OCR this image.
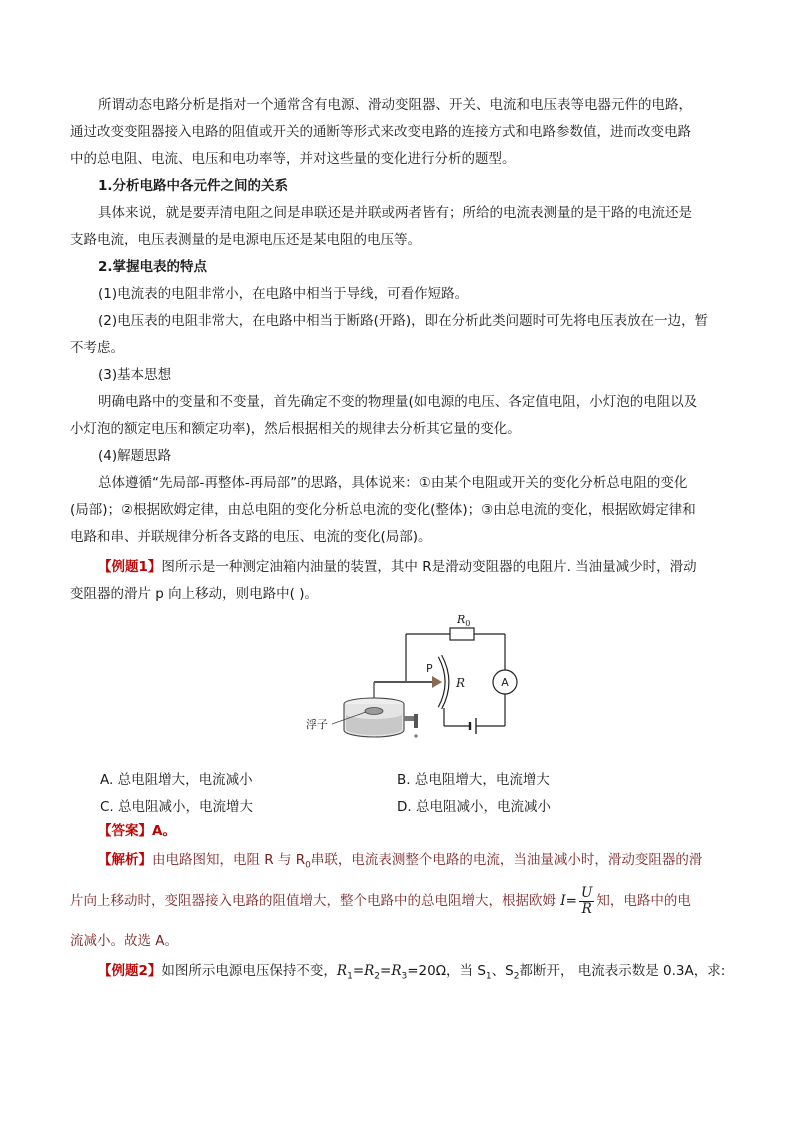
所谓动态电路分析是指对一个通常含有电源、滑动变阻器、开关、电流和电压表等电器元件的电路，

通过改变变阻器接入电路的阻值或开关的通断等形式来改变电路的连接方式和电路参数值，进而改变电路

中的总电阻、电流、电压和电功率等，并对这些量的变化进行分析的题型。

1.分析电路中各元件之间的关系

具体来说，就是要弄清电阻之间是串联还是并联或两者皆有；所给的电流表测量的是干路的电流还是

支路电流，电压表测量的是电源电压还是某电阻的电压等。

2.掌握电表的特点

(1)电流表的电阻非常小，在电路中相当于导线，可看作短路。

(2)电压表的电阻非常大，在电路中相当于断路(开路)，即在分析此类问题时可先将电压表放在一边，暂

不考虑。

(3)基本思想

明确电路中的变量和不变量，首先确定不变的物理量(如电源的电压、各定值电阻，小灯泡的电阻以及

小灯泡的额定电压和额定功率)，然后根据相关的规律去分析其它量的变化。

(4)解题思路

总体遵循“先局部-再整体-再局部”的思路，具体说来：①由某个电阻或开关的变化分析总电阻的变化

(局部)；②根据欧姆定律，由总电阻的变化分析总电流的变化(整体)；③由总电流的变化，根据欧姆定律和

电路和串、并联规律分析各支路的电压、电流的变化(局部)。

【例题1】图所示是一种测定油箱内油量的装置，其中 R是滑动变阻器的电阻片. 当油量减少时，滑动

变阻器的滑片 p 向上移动，则电路中( )。

$R_0$
A
R
P
浮子
A. 总电阻增大，电流减小	B. 总电阻增大，电流增大
C. 总电阻减小，电流增大	D. 总电阻减小，电流减小

【答案】A。

【解析】由电路图知，电阻 R 与 $R_0$串联，电流表测整个电路的电流，当油量减小时，滑动变阻器的滑

片向上移动时，变阻器接入电路的阻值增大，整个电路中的总电阻增大，根据欧姆 $I= \frac{U}{R}$ 知，电路中的电

流减小。故选 A。

【例题2】如图所示电源电压保持不变，$R_1=R_2=R_3=20\Omega$，当 $S_1$、$S_2$都断开， 电流表示数是 0.3A，求:
